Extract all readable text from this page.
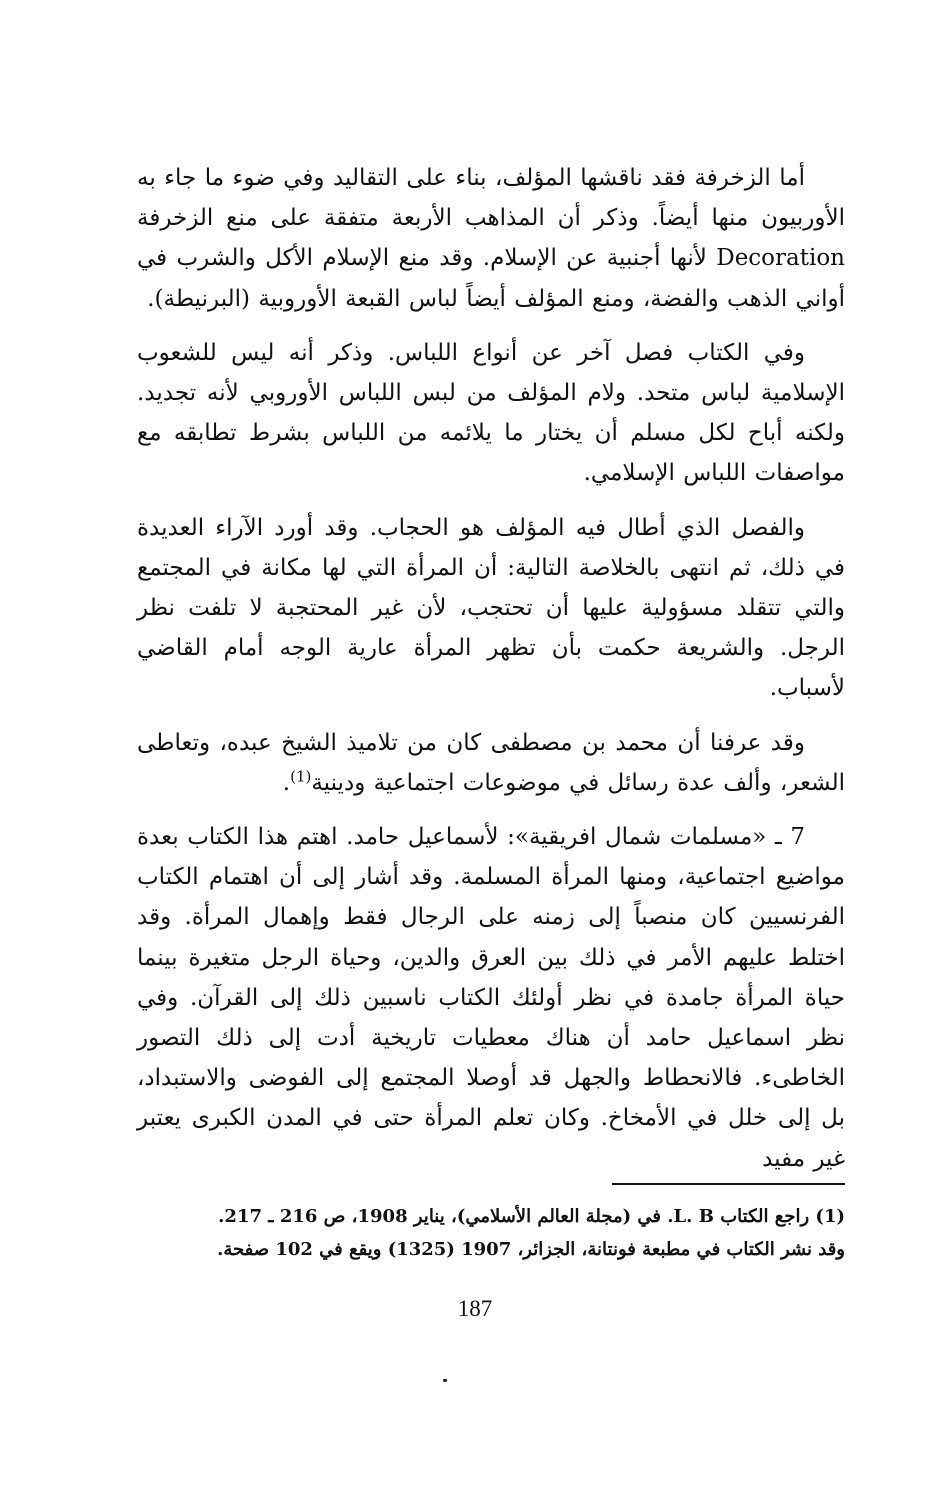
أما الزخرفة فقد ناقشها المؤلف، بناء على التقاليد وفي ضوء ما جاء به الأوربيون منها أيضاً. وذكر أن المذاهب الأربعة متفقة على منع الزخرفة Decoration لأنها أجنبية عن الإسلام. وقد منع الإسلام الأكل والشرب في أواني الذهب والفضة، ومنع المؤلف أيضاً لباس القبعة الأوروبية (البرنيطة).

وفي الكتاب فصل آخر عن أنواع اللباس. وذكر أنه ليس للشعوب الإسلامية لباس متحد. ولام المؤلف من لبس اللباس الأوروبي لأنه تجديد. ولكنه أباح لكل مسلم أن يختار ما يلائمه من اللباس بشرط تطابقه مع مواصفات اللباس الإسلامي.

والفصل الذي أطال فيه المؤلف هو الحجاب. وقد أورد الآراء العديدة في ذلك، ثم انتهى بالخلاصة التالية: أن المرأة التي لها مكانة في المجتمع والتي تتقلد مسؤولية عليها أن تحتجب، لأن غير المحتجبة لا تلفت نظر الرجل. والشريعة حكمت بأن تظهر المرأة عارية الوجه أمام القاضي لأسباب.

وقد عرفنا أن محمد بن مصطفى كان من تلاميذ الشيخ عبده، وتعاطى الشعر، وألف عدة رسائل في موضوعات اجتماعية ودينية$^{(1)}$.

7 ـ «مسلمات شمال افريقية»: لأسماعيل حامد. اهتم هذا الكتاب بعدة مواضيع اجتماعية، ومنها المرأة المسلمة. وقد أشار إلى أن اهتمام الكتاب الفرنسيين كان منصباً إلى زمنه على الرجال فقط وإهمال المرأة. وقد اختلط عليهم الأمر في ذلك بين العرق والدين، وحياة الرجل متغيرة بينما حياة المرأة جامدة في نظر أولئك الكتاب ناسبين ذلك إلى القرآن. وفي نظر اسماعيل حامد أن هناك معطيات تاريخية أدت إلى ذلك التصور الخاطىء. فالانحطاط والجهل قد أوصلا المجتمع إلى الفوضى والاستبداد، بل إلى خلل في الأمخاخ. وكان تعلم المرأة حتى في المدن الكبرى يعتبر غير مفيد

(1) راجع الكتاب L. B. في (مجلة العالم الأسلامي)، يناير 1908، ص 216 ـ 217.
وقد نشر الكتاب في مطبعة فونتانة، الجزائر، 1907 (1325) ويقع في 102 صفحة.
187
